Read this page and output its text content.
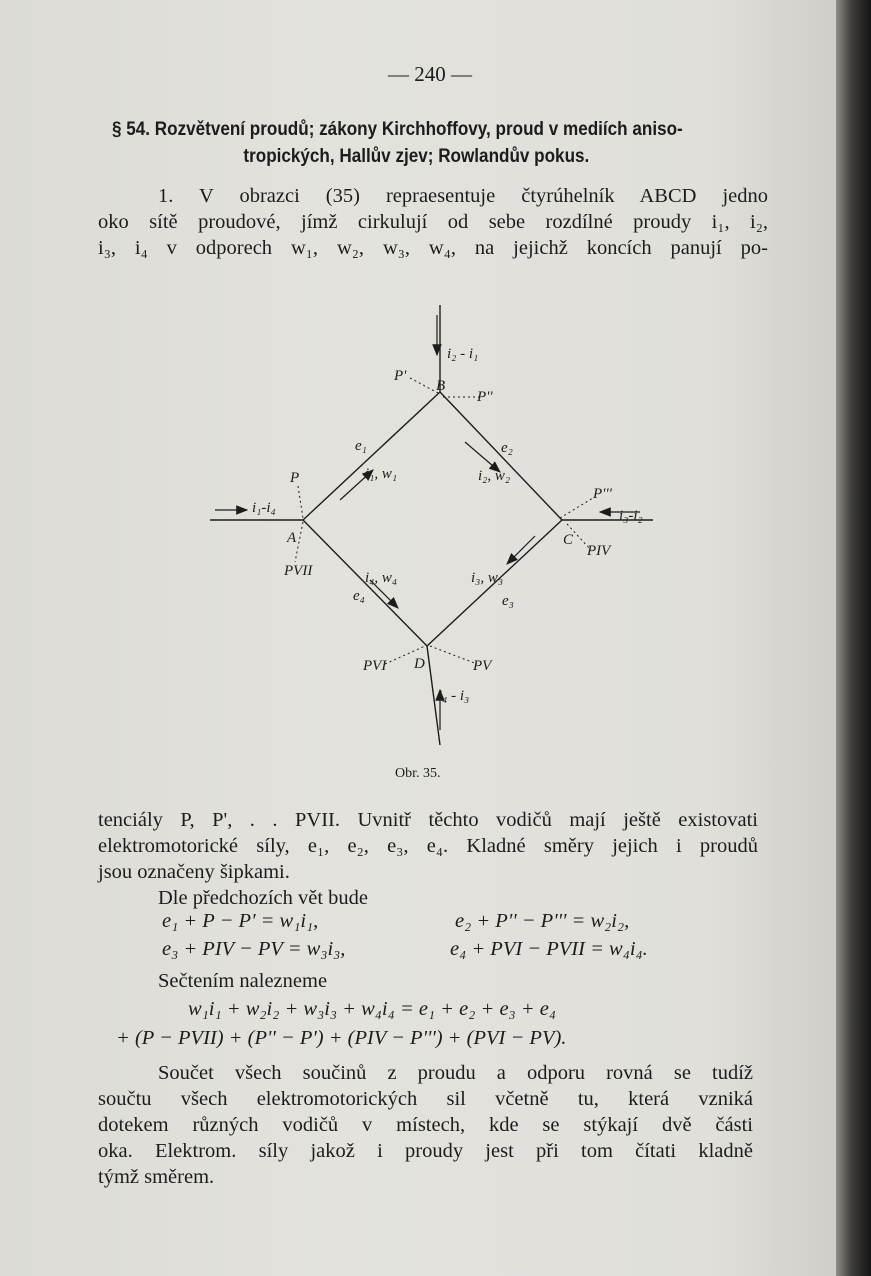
— 240 —
§ 54. Rozvětvení proudů; zákony Kirchhoffovy, proud v mediích aniso-
tropických, Hallův zjev; Rowlandův pokus.
1. V obrazci (35) repraesentuje čtyrúhelník ABCD jedno
oko sítě proudové, jímž cirkulují od sebe rozdílné proudy i₁, i₂,
i₃, i₄ v odporech w₁, w₂, w₃, w₄, na jejichž koncích panují po-
i₂ - i₁
P'
B
P''
e₁	e₂
i₁, w₁	i₂, w₂
P
P'''
i₁-i₄	i₃-i₂
A	C
PIV
PVII	i₄, w₄	i₃, w₃
e₄	e₃
PVI D	PV
i₄ - i₃
Obr. 35.
tenciály P, P', . . PVII. Uvnitř těchto vodičů mají ještě existovati
elektromotorické síly, e₁, e₂, e₃, e₄. Kladné směry jejich i proudů
jsou označeny šipkami.
Dle předchozích vět bude
e₁ + P − P' = w₁i₁,	e₂ + P'' − P''' = w₂i₂,
e₃ + PIV − PV = w₃i₃,	e₄ + PVI − PVII = w₄i₄.
Sečtením nalezneme
w₁i₁ + w₂i₂ + w₃i₃ + w₄i₄ = e₁ + e₂ + e₃ + e₄
+ (P − PVII) + (P'' − P') + (PIV − P''') + (PVI − PV).
Součet všech součinů z proudu a odporu rovná se tudíž
součtu všech elektromotorických sil včetně tu, která vzniká
dotekem různých vodičů v místech, kde se stýkají dvě části
oka. Elektrom. síly jakož i proudy jest při tom čítati kladně
týmž směrem.
